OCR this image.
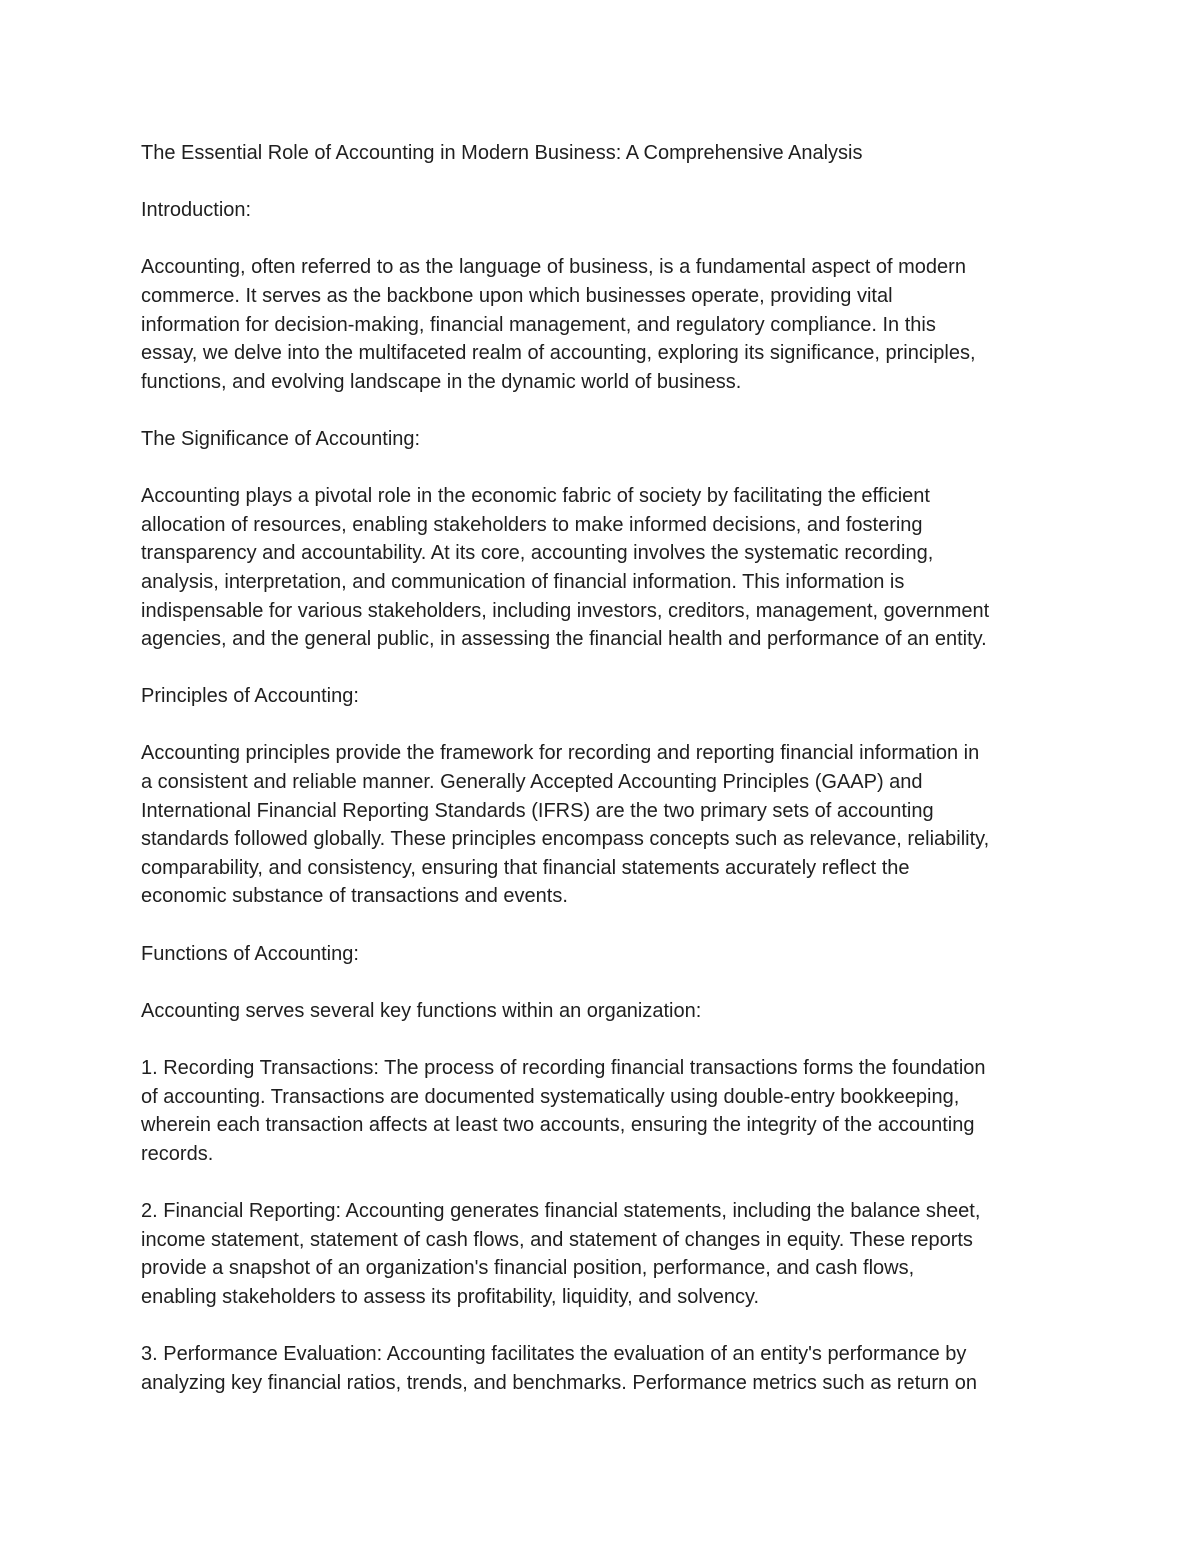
The Essential Role of Accounting in Modern Business: A Comprehensive Analysis

Introduction:

Accounting, often referred to as the language of business, is a fundamental aspect of modern

commerce. It serves as the backbone upon which businesses operate, providing vital

information for decision-making, financial management, and regulatory compliance. In this

essay, we delve into the multifaceted realm of accounting, exploring its significance, principles,

functions, and evolving landscape in the dynamic world of business.

The Significance of Accounting:

Accounting plays a pivotal role in the economic fabric of society by facilitating the efficient

allocation of resources, enabling stakeholders to make informed decisions, and fostering

transparency and accountability. At its core, accounting involves the systematic recording,

analysis, interpretation, and communication of financial information. This information is

indispensable for various stakeholders, including investors, creditors, management, government

agencies, and the general public, in assessing the financial health and performance of an entity.

Principles of Accounting:

Accounting principles provide the framework for recording and reporting financial information in

a consistent and reliable manner. Generally Accepted Accounting Principles (GAAP) and

International Financial Reporting Standards (IFRS) are the two primary sets of accounting

standards followed globally. These principles encompass concepts such as relevance, reliability,

comparability, and consistency, ensuring that financial statements accurately reflect the

economic substance of transactions and events.

Functions of Accounting:

Accounting serves several key functions within an organization:

1. Recording Transactions: The process of recording financial transactions forms the foundation

of accounting. Transactions are documented systematically using double-entry bookkeeping,

wherein each transaction affects at least two accounts, ensuring the integrity of the accounting

records.

2. Financial Reporting: Accounting generates financial statements, including the balance sheet,

income statement, statement of cash flows, and statement of changes in equity. These reports

provide a snapshot of an organization's financial position, performance, and cash flows,

enabling stakeholders to assess its profitability, liquidity, and solvency.

3. Performance Evaluation: Accounting facilitates the evaluation of an entity's performance by

analyzing key financial ratios, trends, and benchmarks. Performance metrics such as return on
